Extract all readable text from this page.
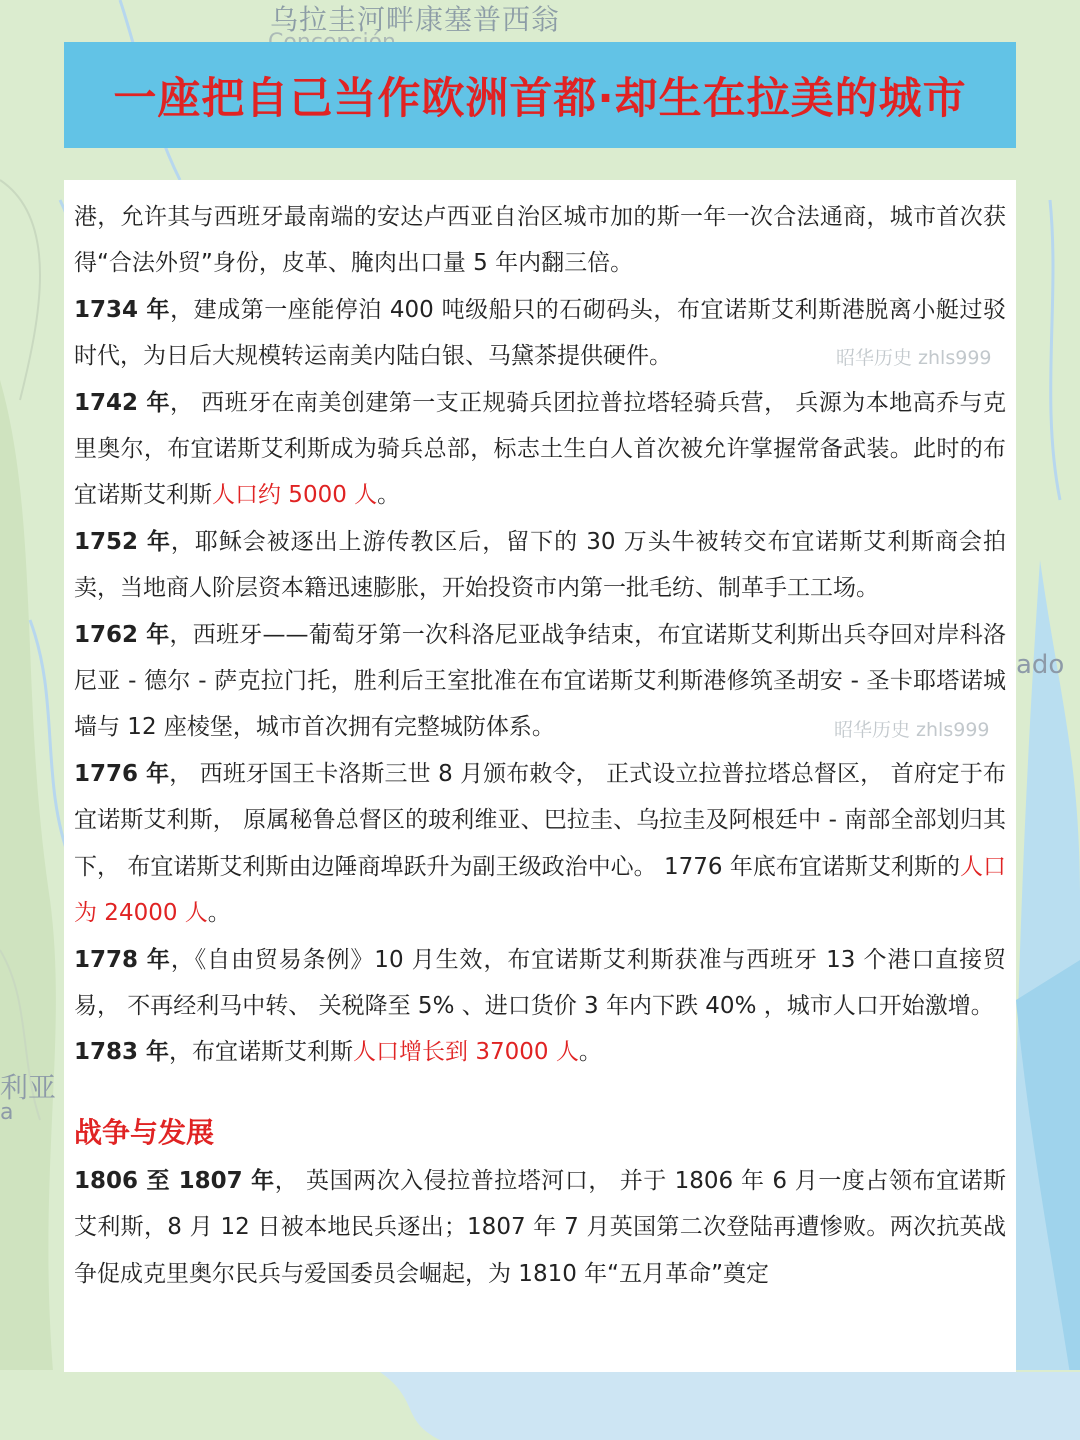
乌拉圭河畔康塞普西翁
ado
利亚
a
一座把自己当作欧洲首都·却生在拉美的城市

港，允许其与西班牙最南端的安达卢西亚自治区城市加的斯一年一次合法通商，城市首次获得“合法外贸”身份，皮革、腌肉出口量 5 年内翻三倍。

1734 年，建成第一座能停泊 400 吨级船只的石砌码头，布宜诺斯艾利斯港脱离小艇过驳时代，为日后大规模转运南美内陆白银、马黛茶提供硬件。

1742 年， 西班牙在南美创建第一支正规骑兵团拉普拉塔轻骑兵营， 兵源为本地高乔与克里奥尔，布宜诺斯艾利斯成为骑兵总部，标志土生白人首次被允许掌握常备武装。此时的布宜诺斯艾利斯人口约 5000 人。

1752 年，耶稣会被逐出上游传教区后，留下的 30 万头牛被转交布宜诺斯艾利斯商会拍卖，当地商人阶层资本籍迅速膨胀，开始投资市内第一批毛纺、制革手工工场。

1762 年，西班牙——葡萄牙第一次科洛尼亚战争结束，布宜诺斯艾利斯出兵夺回对岸科洛尼亚 - 德尔 - 萨克拉门托，胜利后王室批准在布宜诺斯艾利斯港修筑圣胡安 - 圣卡耶塔诺城墙与 12 座棱堡，城市首次拥有完整城防体系。

1776 年， 西班牙国王卡洛斯三世 8 月颁布敕令， 正式设立拉普拉塔总督区， 首府定于布宜诺斯艾利斯， 原属秘鲁总督区的玻利维亚、巴拉圭、乌拉圭及阿根廷中 - 南部全部划归其下， 布宜诺斯艾利斯由边陲商埠跃升为副王级政治中心。 1776 年底布宜诺斯艾利斯的人口为 24000 人。

1778 年，《自由贸易条例》10 月生效，布宜诺斯艾利斯获准与西班牙 13 个港口直接贸易， 不再经利马中转、 关税降至 5% 、进口货价 3 年内下跌 40% ，城市人口开始激增。

1783 年，布宜诺斯艾利斯人口增长到 37000 人。

战争与发展

1806 至 1807 年， 英国两次入侵拉普拉塔河口， 并于 1806 年 6 月一度占领布宜诺斯艾利斯，8 月 12 日被本地民兵逐出；1807 年 7 月英国第二次登陆再遭惨败。两次抗英战争促成克里奥尔民兵与爱国委员会崛起，为 1810 年“五月革命”奠定

昭华历史 zhls999
昭华历史 zhls999
